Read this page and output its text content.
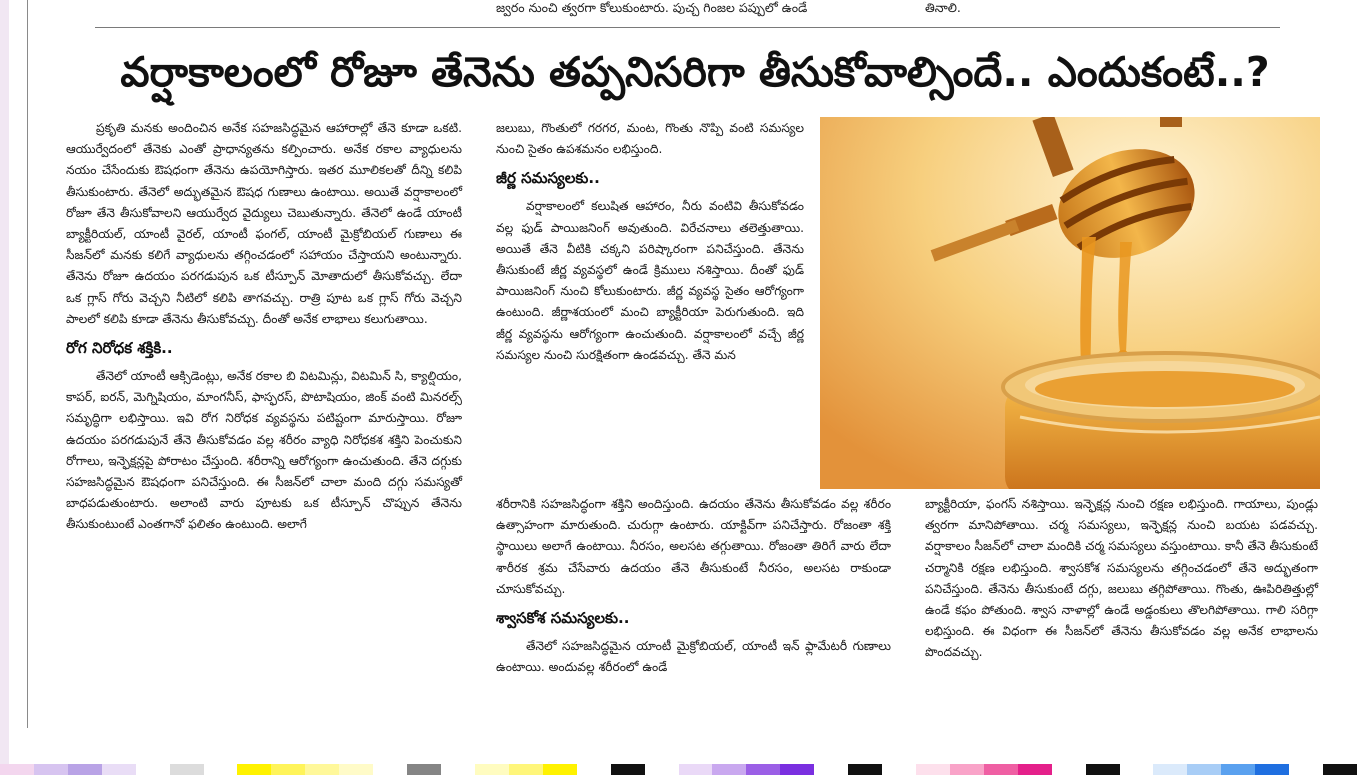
జ్వరం నుంచి త్వరగా కోలుకుంటారు. పుచ్చ గింజల పప్పులో ఉండే	తినాలి.
వర్షాకాలంలో రోజూ తేనెను తప్పనిసరిగా తీసుకోవాల్సిందే.. ఎందుకంటే..?

ప్రకృతి మనకు అందించిన అనేక సహజసిద్ధమైన ఆహారాల్లో తేనె కూడా ఒకటి. ఆయుర్వేదంలో తేనెకు ఎంతో ప్రాధాన్యతను కల్పించారు. అనేక రకాల వ్యాధులను నయం చేసేందుకు ఔషధంగా తేనెను ఉపయోగిస్తారు. ఇతర మూలికలతో దీన్ని కలిపి తీసుకుంటారు. తేనెలో అద్భుతమైన ఔషధ గుణాలు ఉంటాయి. అయితే వర్షాకాలంలో రోజూ తేనె తీసుకోవాలని ఆయుర్వేద వైద్యులు చెబుతున్నారు. తేనెలో ఉండే యాంటీ బ్యాక్టీరియల్, యాంటీ వైరల్, యాంటీ ఫంగల్, యాంటీ మైక్రోబియల్ గుణాలు ఈ సీజన్‌లో మనకు కలిగే వ్యాధులను తగ్గించడంలో సహాయం చేస్తాయని అంటున్నారు. తేనెను రోజూ ఉదయం పరగడుపున ఒక టీస్పూన్ మోతాదులో తీసుకోవచ్చు. లేదా ఒక గ్లాస్ గోరు వెచ్చని నీటిలో కలిపి తాగవచ్చు. రాత్రి పూట ఒక గ్లాస్ గోరు వెచ్చని పాలలో కలిపి కూడా తేనెను తీసుకోవచ్చు. దీంతో అనేక లాభాలు కలుగుతాయి.

రోగ నిరోధక శక్తికి..

తేనెలో యాంటీ ఆక్సిడెంట్లు, అనేక రకాల బి విటమిన్లు, విటమిన్ సి, క్యాల్షియం, కాపర్, ఐరన్, మెగ్నిషియం, మాంగనీస్, ఫాస్ఫరస్, పొటాషియం, జింక్ వంటి మినరల్స్ సమృద్ధిగా లభిస్తాయి. ఇవి రోగ నిరోధక వ్యవస్థను పటిష్టంగా మారుస్తాయి. రోజూ ఉదయం పరగడుపునే తేనె తీసుకోవడం వల్ల శరీరం వ్యాధి నిరోధకశ శక్తిని పెంచుకుని రోగాలు, ఇన్ఫెక్షన్లపై పోరాటం చేస్తుంది. శరీరాన్ని ఆరోగ్యంగా ఉంచుతుంది. తేనె దగ్గుకు సహజసిద్ధమైన ఔషధంగా పనిచేస్తుంది. ఈ సీజన్‌లో చాలా మంది దగ్గు సమస్యతో బాధపడుతుంటారు. అలాంటి వారు పూటకు ఒక టీస్పూన్ చొప్పున తేనెను తీసుకుంటుంటే ఎంతగానో ఫలితం ఉంటుంది. అలాగే

జలుబు, గొంతులో గరగర, మంట, గొంతు నొప్పి వంటి సమస్యల నుంచి సైతం ఉపశమనం లభిస్తుంది.

జీర్ణ సమస్యలకు..

వర్షాకాలంలో కలుషిత ఆహారం, నీరు వంటివి తీసుకోవడం వల్ల ఫుడ్ పాయిజనింగ్ అవుతుంది. విరేచనాలు తలెత్తుతాయి. అయితే తేనె వీటికి చక్కని పరిష్కారంగా పనిచేస్తుంది. తేనెను తీసుకుంటే జీర్ణ వ్యవస్థలో ఉండే క్రిములు నశిస్తాయి. దీంతో ఫుడ్ పాయిజనింగ్ నుంచి కోలుకుంటారు. జీర్ణ వ్యవస్థ సైతం ఆరోగ్యంగా ఉంటుంది. జీర్ణాశయంలో మంచి బ్యాక్టీరియా పెరుగుతుంది. ఇది జీర్ణ వ్యవస్థను ఆరోగ్యంగా ఉంచుతుంది. వర్షాకాలంలో వచ్చే జీర్ణ సమస్యల నుంచి సురక్షితంగా ఉండవచ్చు. తేనె మన

శరీరానికి సహజసిద్ధంగా శక్తిని అందిస్తుంది. ఉదయం తేనెను తీసుకోవడం వల్ల శరీరం ఉత్సాహంగా మారుతుంది. చురుగ్గా ఉంటారు. యాక్టివ్‌గా పనిచేస్తారు. రోజంతా శక్తి స్థాయిలు అలాగే ఉంటాయి. నీరసం, అలసట తగ్గుతాయి. రోజంతా తిరిగే వారు లేదా శారీరక శ్రమ చేసేవారు ఉదయం తేనె తీసుకుంటే నీరసం, అలసట రాకుండా చూసుకోవచ్చు.

శ్వాసకోశ సమస్యలకు..

తేనెలో సహజసిద్ధమైన యాంటీ మైక్రోబియల్, యాంటీ ఇన్ ఫ్లామేటరీ గుణాలు ఉంటాయి. అందువల్ల శరీరంలో ఉండే

బ్యాక్టీరియా, ఫంగస్ నశిస్తాయి. ఇన్ఫెక్షన్ల నుంచి రక్షణ లభిస్తుంది. గాయాలు, పుండ్లు త్వరగా మానిపోతాయి. చర్మ సమస్యలు, ఇన్ఫెక్షన్ల నుంచి బయట పడవచ్చు. వర్షాకాలం సీజన్‌లో చాలా మందికి చర్మ సమస్యలు వస్తుంటాయి. కానీ తేనె తీసుకుంటే చర్మానికి రక్షణ లభిస్తుంది. శ్వాసకోశ సమస్యలను తగ్గించడంలో తేనె అద్భుతంగా పనిచేస్తుంది. తేనెను తీసుకుంటే దగ్గు, జలుబు తగ్గిపోతాయి. గొంతు, ఊపిరితిత్తుల్లో ఉండే కఫం పోతుంది. శ్వాస నాళాల్లో ఉండే అడ్డంకులు తొలగిపోతాయి. గాలి సరిగ్గా లభిస్తుంది. ఈ విధంగా ఈ సీజన్‌లో తేనెను తీసుకోవడం వల్ల అనేక లాభాలను పొందవచ్చు.
